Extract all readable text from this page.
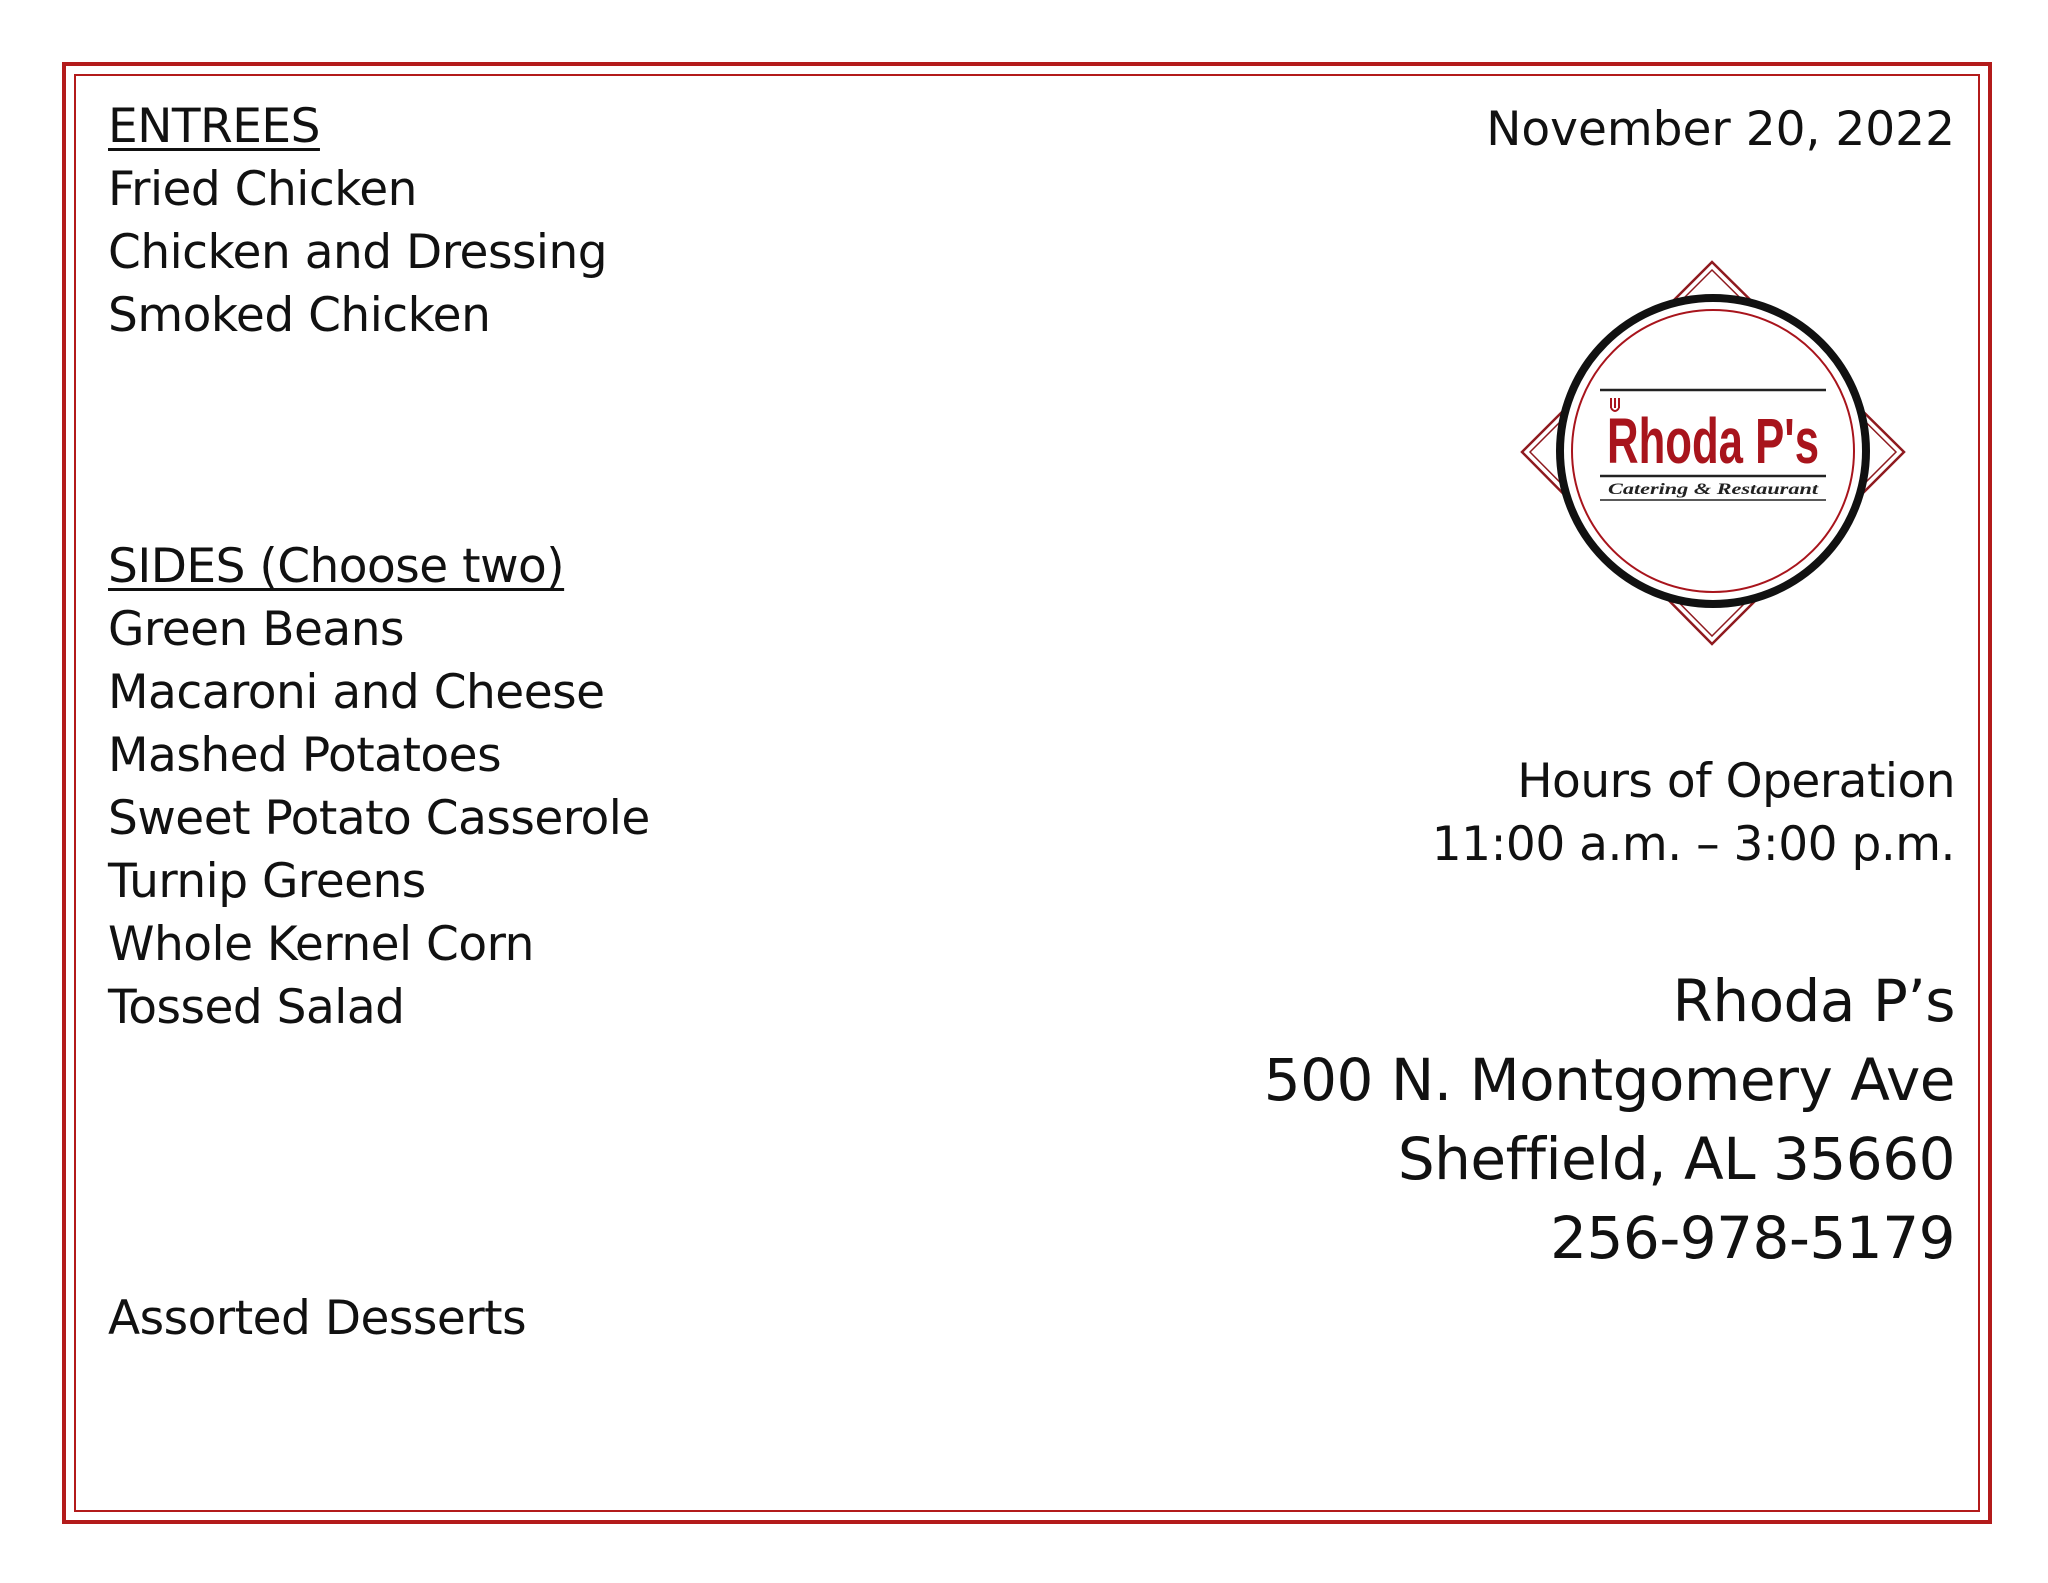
ENTREES
Fried Chicken
Chicken and Dressing
Smoked Chicken
SIDES (Choose two)
Green Beans
Macaroni and Cheese
Mashed Potatoes
Sweet Potato Casserole
Turnip Greens
Whole Kernel Corn
Tossed Salad
Assorted Desserts
November 20, 2022
Rhoda P's
Catering & Restaurant
Hours of Operation
11:00 a.m. – 3:00 p.m.
Rhoda P’s
500 N. Montgomery Ave
Sheffield, AL 35660
256-978-5179
